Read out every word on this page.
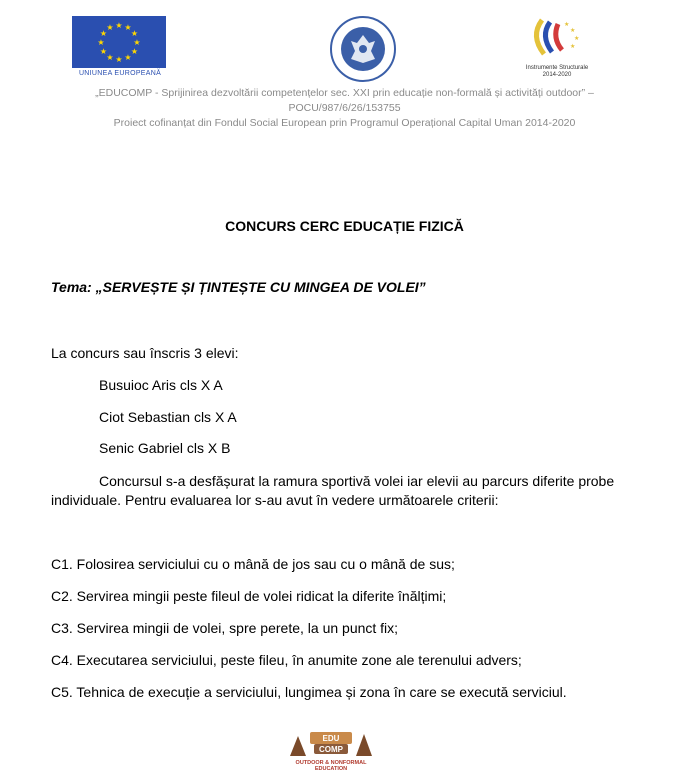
★ ★
★
★
★
★
★
★
★
★
★
★
UNIUNEA EUROPEANĂ
★
★
★
★
Instrumente Structurale
2014-2020
„EDUCOMP - Sprijinirea dezvoltării competențelor sec. XXI prin educație non-formală și activități outdoor” –
POCU/987/6/26/153755
Proiect cofinanțat din Fondul Social European prin Programul Operațional Capital Uman 2014-2020
CONCURS CERC EDUCAȚIE FIZICĂ
Tema: „SERVEȘTE ȘI ȚINTEȘTE CU MINGEA DE VOLEI”
La concurs sau înscris 3 elevi:
Busuioc Aris cls X A
Ciot Sebastian cls X A
Senic Gabriel cls X B
Concursul s-a desfășurat la ramura sportivă volei iar elevii au parcurs diferite probe individuale. Pentru evaluarea lor s-au avut în vedere următoarele criterii:
C1. Folosirea serviciului cu o mână de jos sau cu o mână de sus;
C2. Servirea mingii peste fileul de volei ridicat la diferite înălțimi;
C3. Servirea mingii de volei, spre perete, la un punct fix;
C4. Executarea serviciului, peste fileu, în anumite zone ale terenului advers;
C5. Tehnica de execuție a serviciului, lungimea și zona în care se execută serviciul.
EDU
COMP
OUTDOOR & NONFORMAL
EDUCATION
